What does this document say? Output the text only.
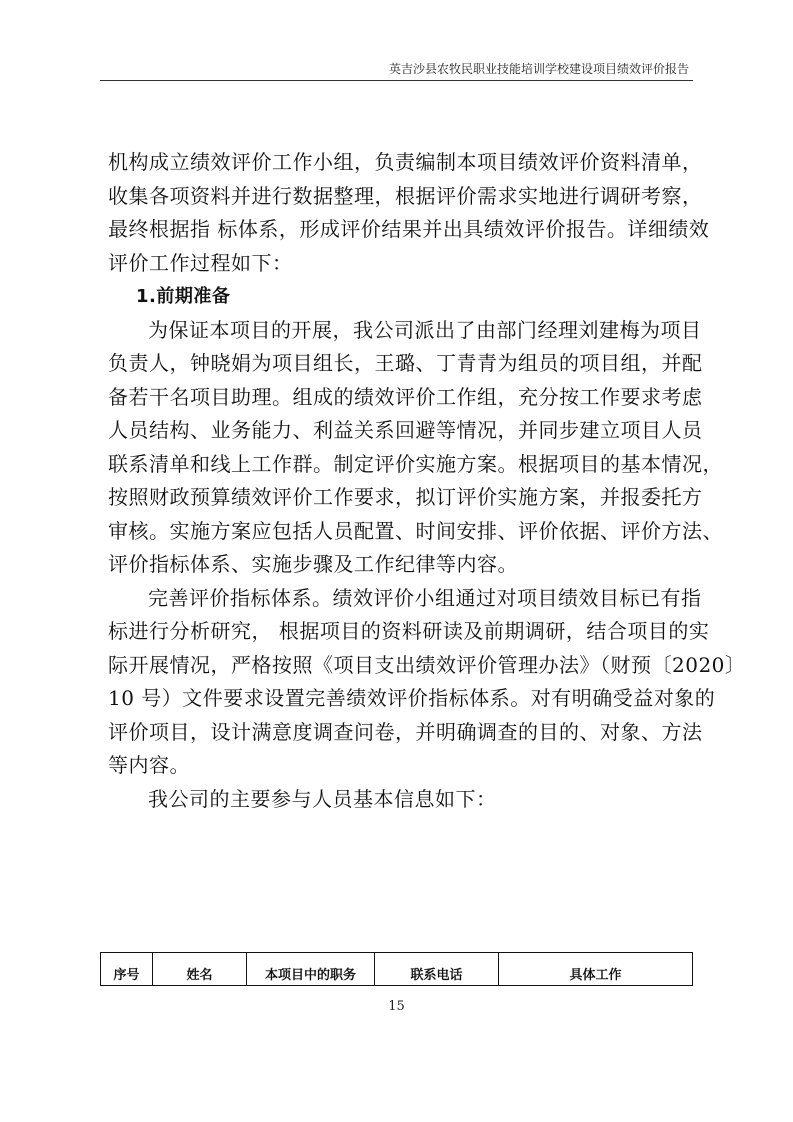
英吉沙县农牧民职业技能培训学校建设项目绩效评价报告
机构成立绩效评价工作小组，负责编制本项目绩效评价资料清单，
收集各项资料并进行数据整理，根据评价需求实地进行调研考察，
最终根据指 标体系，形成评价结果并出具绩效评价报告。详细绩效
评价工作过程如下：
1.前期准备
为保证本项目的开展，我公司派出了由部门经理刘建梅为项目
负责人，钟晓娟为项目组长，王璐、丁青青为组员的项目组，并配
备若干名项目助理。组成的绩效评价工作组，充分按工作要求考虑
人员结构、业务能力、利益关系回避等情况，并同步建立项目人员
联系清单和线上工作群。制定评价实施方案。根据项目的基本情况，
按照财政预算绩效评价工作要求，拟订评价实施方案，并报委托方
审核。实施方案应包括人员配置、时间安排、评价依据、评价方法、
评价指标体系、实施步骤及工作纪律等内容。
完善评价指标体系。绩效评价小组通过对项目绩效目标已有指
标进行分析研究， 根据项目的资料研读及前期调研，结合项目的实
际开展情况，严格按照《项目支出绩效评价管理办法》（财预〔2020〕
10 号）文件要求设置完善绩效评价指标体系。对有明确受益对象的
评价项目，设计满意度调查问卷，并明确调查的目的、对象、方法
等内容。
我公司的主要参与人员基本信息如下：
序号	姓名	本项目中的职务	联系电话	具体工作
15
